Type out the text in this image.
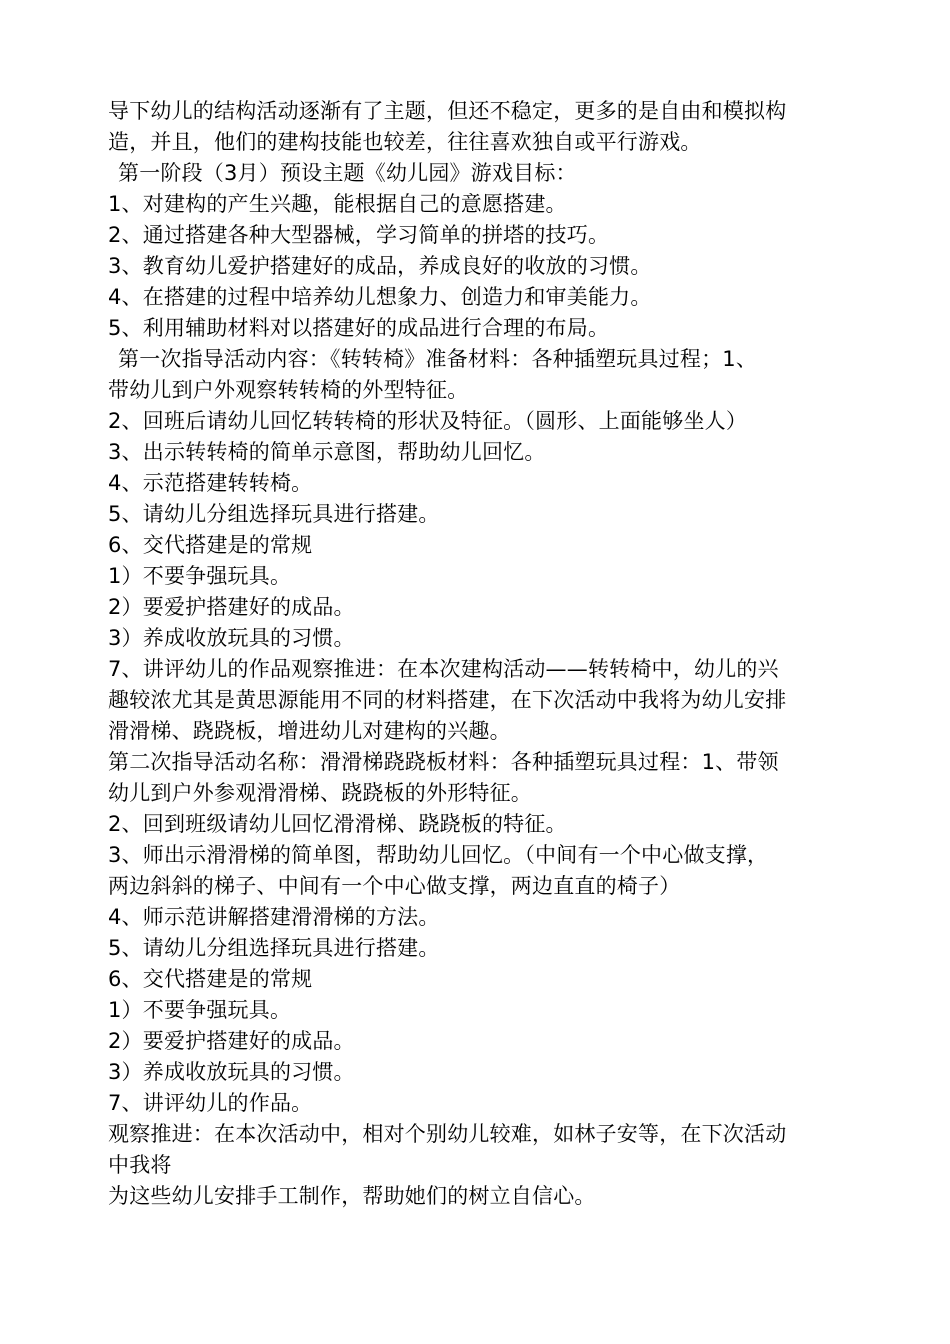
导下幼儿的结构活动逐渐有了主题，但还不稳定，更多的是自由和模拟构
造，并且，他们的建构技能也较差，往往喜欢独自或平行游戏。
第一阶段（3月）预设主题《幼儿园》游戏目标：
1、对建构的产生兴趣，能根据自己的意愿搭建。
2、通过搭建各种大型器械，学习简单的拼塔的技巧。
3、教育幼儿爱护搭建好的成品，养成良好的收放的习惯。
4、在搭建的过程中培养幼儿想象力、创造力和审美能力。
5、利用辅助材料对以搭建好的成品进行合理的布局。
第一次指导活动内容：《转转椅》准备材料：各种插塑玩具过程；1、
带幼儿到户外观察转转椅的外型特征。
2、回班后请幼儿回忆转转椅的形状及特征。（圆形、上面能够坐人）
3、出示转转椅的简单示意图，帮助幼儿回忆。
4、示范搭建转转椅。
5、请幼儿分组选择玩具进行搭建。
6、交代搭建是的常规
1）不要争强玩具。
2）要爱护搭建好的成品。
3）养成收放玩具的习惯。
7、讲评幼儿的作品观察推进：在本次建构活动——转转椅中，幼儿的兴
趣较浓尤其是黄思源能用不同的材料搭建，在下次活动中我将为幼儿安排
滑滑梯、跷跷板，增进幼儿对建构的兴趣。
第二次指导活动名称：滑滑梯跷跷板材料：各种插塑玩具过程：1、带领
幼儿到户外参观滑滑梯、跷跷板的外形特征。
2、回到班级请幼儿回忆滑滑梯、跷跷板的特征。
3、师出示滑滑梯的简单图，帮助幼儿回忆。（中间有一个中心做支撑，
两边斜斜的梯子、中间有一个中心做支撑，两边直直的椅子）
4、师示范讲解搭建滑滑梯的方法。
5、请幼儿分组选择玩具进行搭建。
6、交代搭建是的常规
1）不要争强玩具。
2）要爱护搭建好的成品。
3）养成收放玩具的习惯。
7、讲评幼儿的作品。
观察推进：在本次活动中，相对个别幼儿较难，如林子安等，在下次活动
中我将
为这些幼儿安排手工制作，帮助她们的树立自信心。
